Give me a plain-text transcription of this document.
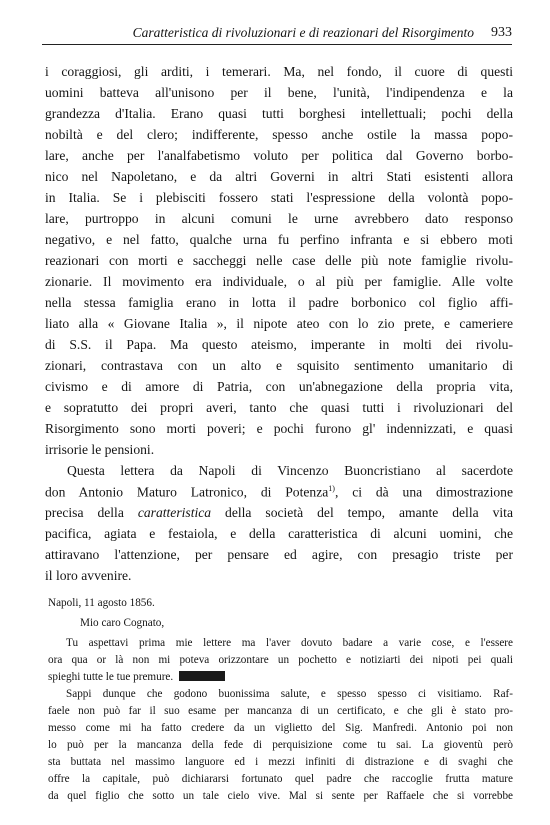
Caratteristica di rivoluzionari e di reazionari del Risorgimento 933
i coraggiosi, gli arditi, i temerari. Ma, nel fondo, il cuore di questi
uomini batteva all'unisono per il bene, l'unità, l'indipendenza e la
grandezza d'Italia. Erano quasi tutti borghesi intellettuali; pochi della
nobiltà e del clero; indifferente, spesso anche ostile la massa popo-
lare, anche per l'analfabetismo voluto per politica dal Governo borbo-
nico nel Napoletano, e da altri Governi in altri Stati esistenti allora
in Italia. Se i plebisciti fossero stati l'espressione della volontà popo-
lare, purtroppo in alcuni comuni le urne avrebbero dato responso
negativo, e nel fatto, qualche urna fu perfino infranta e si ebbero moti
reazionari con morti e saccheggi nelle case delle più note famiglie rivolu-
zionarie. Il movimento era individuale, o al più per famiglie. Alle volte
nella stessa famiglia erano in lotta il padre borbonico col figlio affi-
liato alla « Giovane Italia », il nipote ateo con lo zio prete, e cameriere
di S.S. il Papa. Ma questo ateismo, imperante in molti dei rivolu-
zionari, contrastava con un alto e squisito sentimento umanitario di
civismo e di amore di Patria, con un'abnegazione della propria vita,
e sopratutto dei propri averi, tanto che quasi tutti i rivoluzionari del
Risorgimento sono morti poveri; e pochi furono gl' indennizzati, e quasi
irrisorie le pensioni.
Questa lettera da Napoli di Vincenzo Buoncristiano al sacerdote
don Antonio Maturo Latronico, di Potenza$^{1)}$, ci dà una dimostrazione
precisa della caratteristica della società del tempo, amante della vita
pacifica, agiata e festaiola, e della caratteristica di alcuni uomini, che
attiravano l'attenzione, per pensare ed agire, con presagio triste per
il loro avvenire.
Napoli, 11 agosto 1856.
Mio caro Cognato,
Tu aspettavi prima mie lettere ma l'aver dovuto badare a varie cose, e l'essere
ora qua or là non mi poteva orizzontare un pochetto e notiziarti dei nipoti pei quali
spieghi tutte le tue premure.
Sappi dunque che godono buonissima salute, e spesso spesso ci visitiamo. Raf-
faele non può far il suo esame per mancanza di un certificato, e che gli è stato pro-
messo come mi ha fatto credere da un viglietto del Sig. Manfredi. Antonio poi non
lo può per la mancanza della fede di perquisizione come tu sai. La gioventù però
sta buttata nel massimo languore ed i mezzi infiniti di distrazione e di svaghi che
offre la capitale, può dichiararsi fortunato quel padre che raccoglie frutta mature
da quel figlio che sotto un tale cielo vive. Mal si sente per Raffaele che si vorrebbe
